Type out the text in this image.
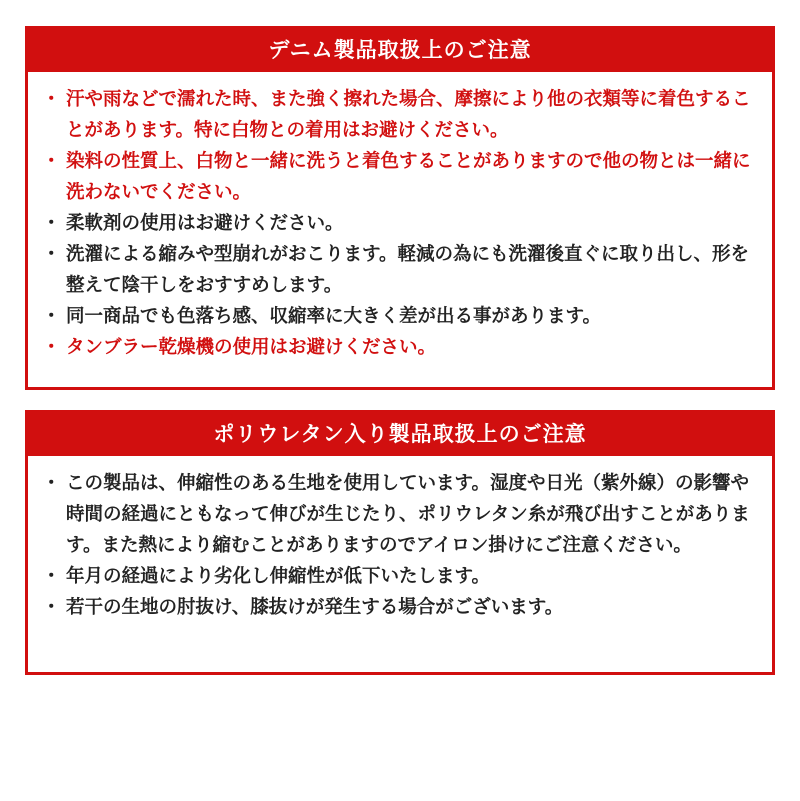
デニム製品取扱上のご注意
・ 汗や雨などで濡れた時、また強く擦れた場合、摩擦により他の衣類等に着色することがあります。特に白物との着用はお避けください。
・ 染料の性質上、白物と一緒に洗うと着色することがありますので他の物とは一緒に洗わないでください。
・ 柔軟剤の使用はお避けください。
・ 洗濯による縮みや型崩れがおこります。軽減の為にも洗濯後直ぐに取り出し、形を整えて陰干しをおすすめします。
・ 同一商品でも色落ち感、収縮率に大きく差が出る事があります。
・ タンブラー乾燥機の使用はお避けください。
ポリウレタン入り製品取扱上のご注意
・ この製品は、伸縮性のある生地を使用しています。湿度や日光（紫外線）の影響や時間の経過にともなって伸びが生じたり、ポリウレタン糸が飛び出すことがあります。また熱により縮むことがありますのでアイロン掛けにご注意ください。
・ 年月の経過により劣化し伸縮性が低下いたします。
・ 若干の生地の肘抜け、膝抜けが発生する場合がございます。
